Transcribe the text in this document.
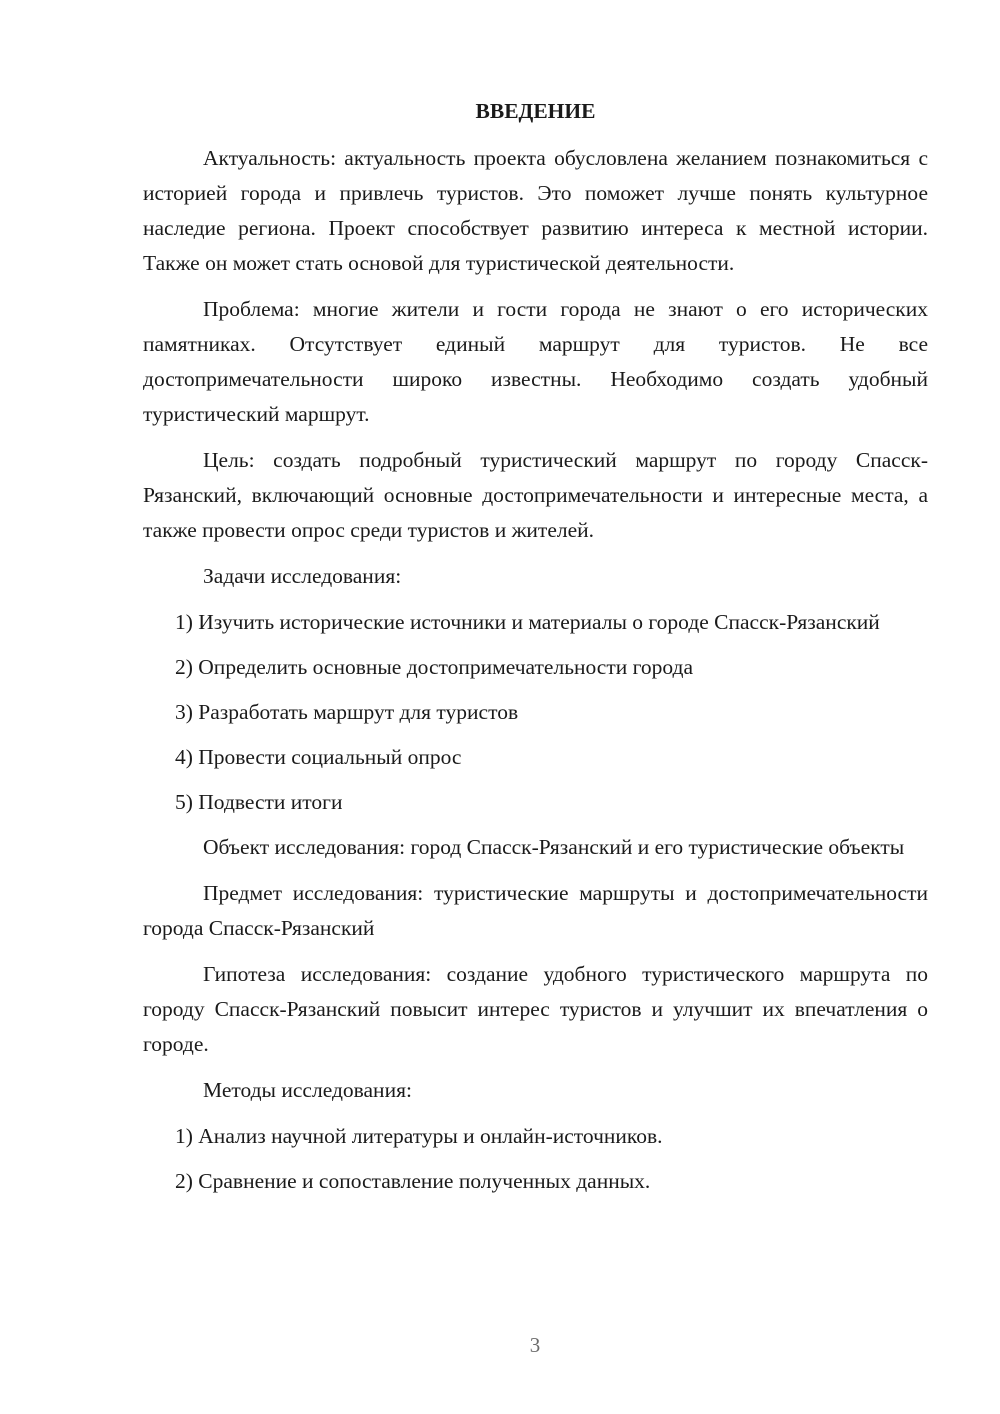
ВВЕДЕНИЕ

Актуальность: актуальность проекта обусловлена желанием познакомиться с историей города и привлечь туристов. Это поможет лучше понять культурное наследие региона. Проект способствует развитию интереса к местной истории. Также он может стать основой для туристической деятельности.

Проблема: многие жители и гости города не знают о его исторических памятниках. Отсутствует единый маршрут для туристов. Не все достопримечательности широко известны. Необходимо создать удобный туристический маршрут.

Цель: создать подробный туристический маршрут по городу Спасск-Рязанский, включающий основные достопримечательности и интересные места, а также провести опрос среди туристов и жителей.

Задачи исследования:

1) Изучить исторические источники и материалы о городе Спасск-Рязанский

2) Определить основные достопримечательности города

3) Разработать маршрут для туристов

4) Провести социальный опрос

5) Подвести итоги

Объект исследования: город Спасск-Рязанский и его туристические объекты

Предмет исследования: туристические маршруты и достопримечательности города Спасск-Рязанский

Гипотеза исследования: создание удобного туристического маршрута по городу Спасск-Рязанский повысит интерес туристов и улучшит их впечатления о городе.

Методы исследования:

1) Анализ научной литературы и онлайн-источников.

2) Сравнение и сопоставление полученных данных.

3
